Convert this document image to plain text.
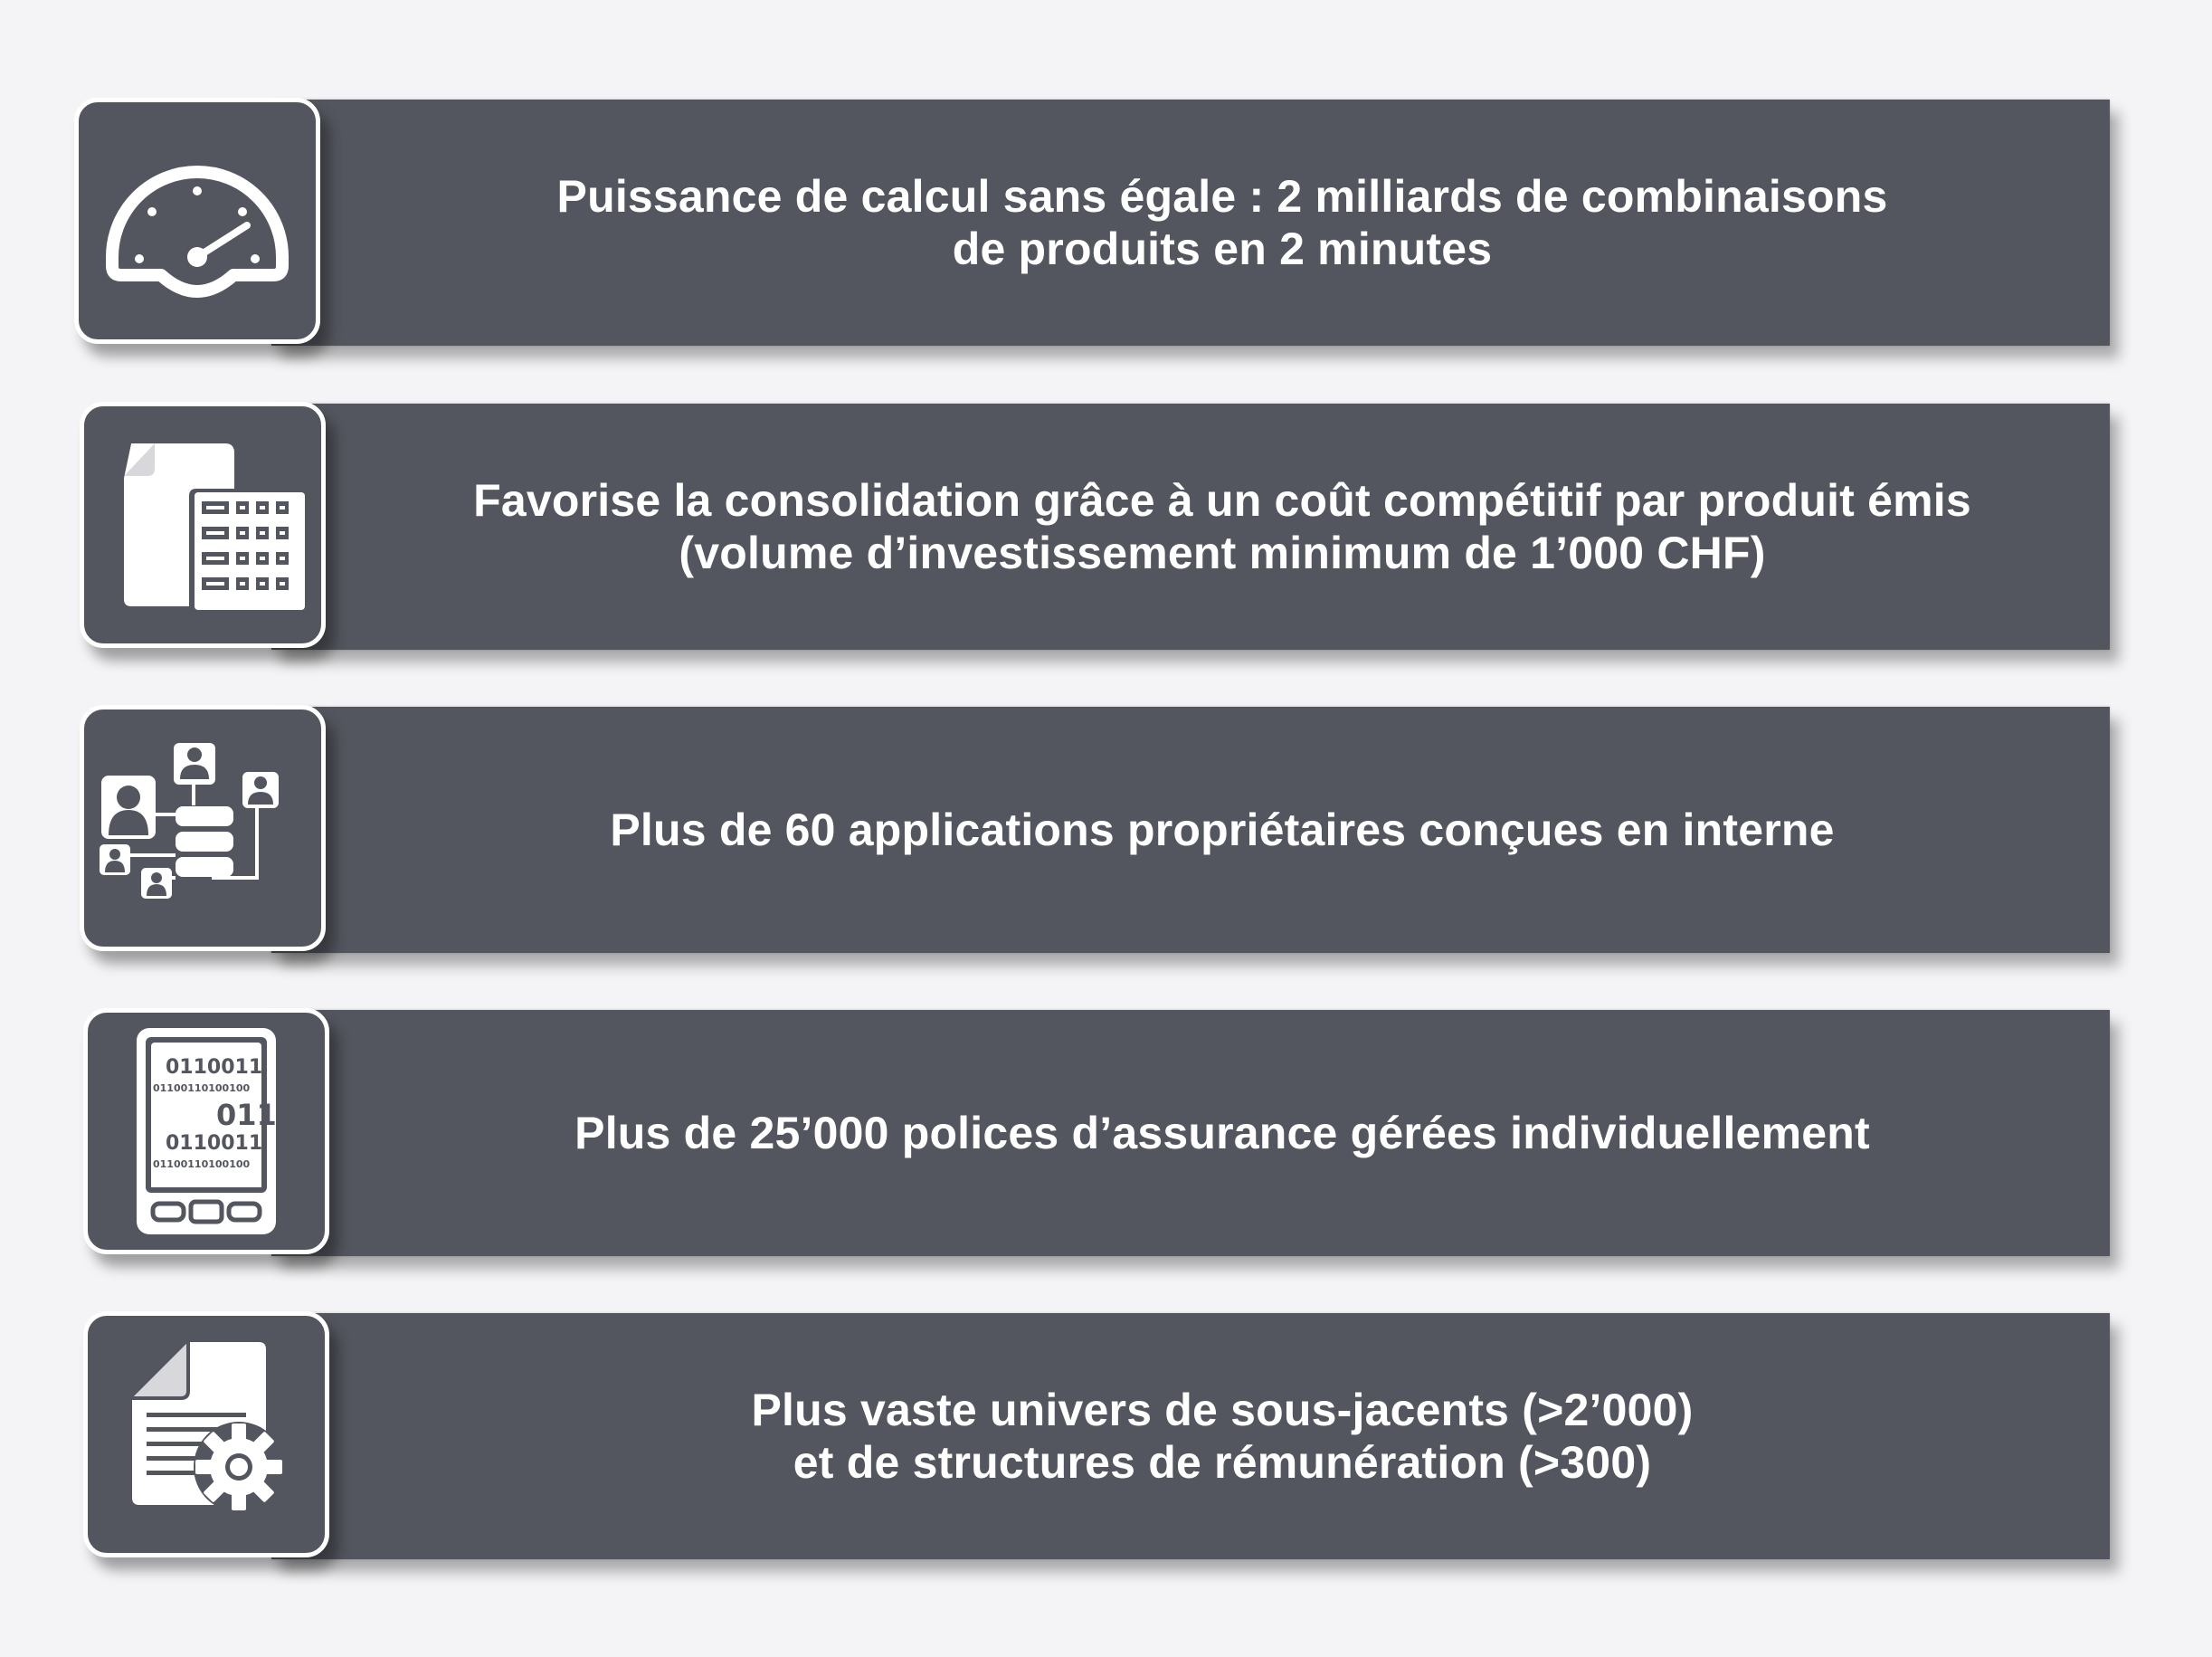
Puissance de calcul sans égale : 2 milliards de combinaisons
de produits en 2 minutes
Favorise la consolidation grâce à un coût compétitif par produit émis
(volume d’investissement minimum de 1’000 CHF)
Plus de 60 applications propriétaires conçues en interne
Plus de 25’000 polices d’assurance gérées individuellement
0110011
01100110100100
0110
0110011
01100110100100
Plus vaste univers de sous-jacents (>2’000)
et de structures de rémunération (>300)
